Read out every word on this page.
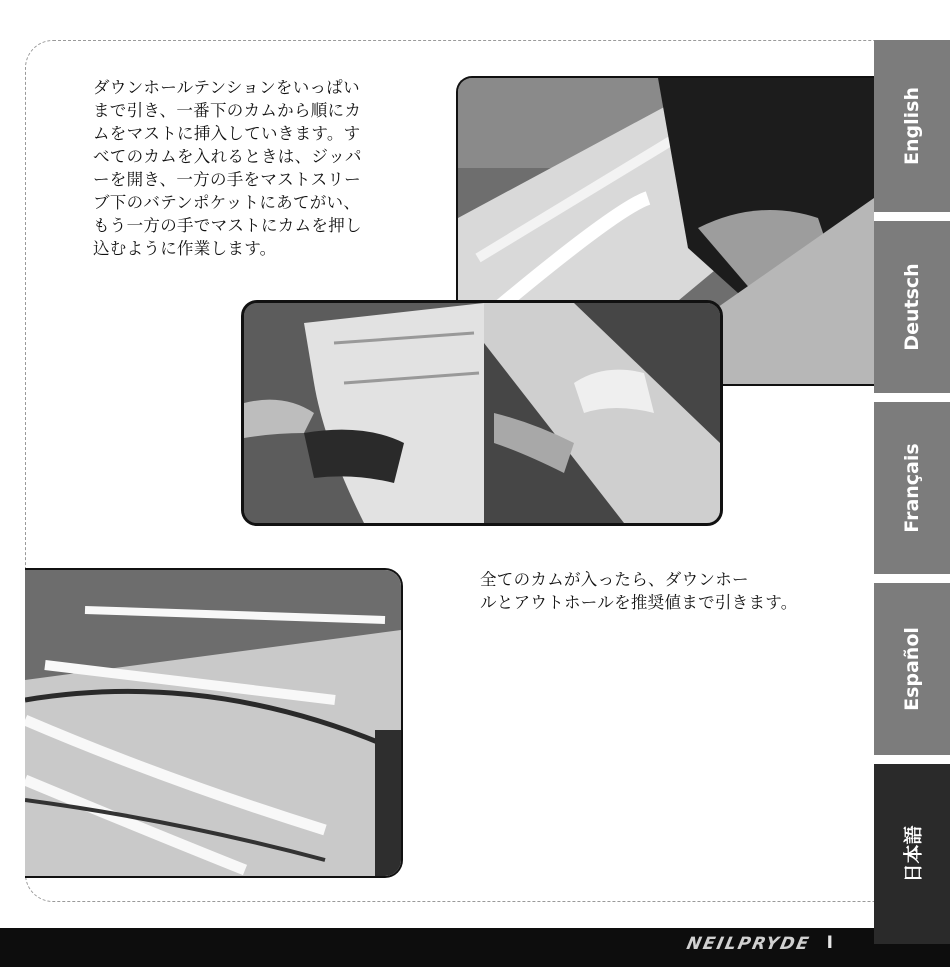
ダウンホールテンションをいっぱい
まで引き、一番下のカムから順にカ
ムをマストに挿入していきます。す
べてのカムを入れるときは、ジッパ
ーを開き、一方の手をマストスリー
ブ下のバテンポケットにあてがい、
もう一方の手でマストにカムを押し
込むように作業します。
全てのカムが入ったら、ダウンホー
ルとアウトホールを推奨値まで引きます。
NEILPRYDE I
English
Deutsch
Français
Español
日本語
